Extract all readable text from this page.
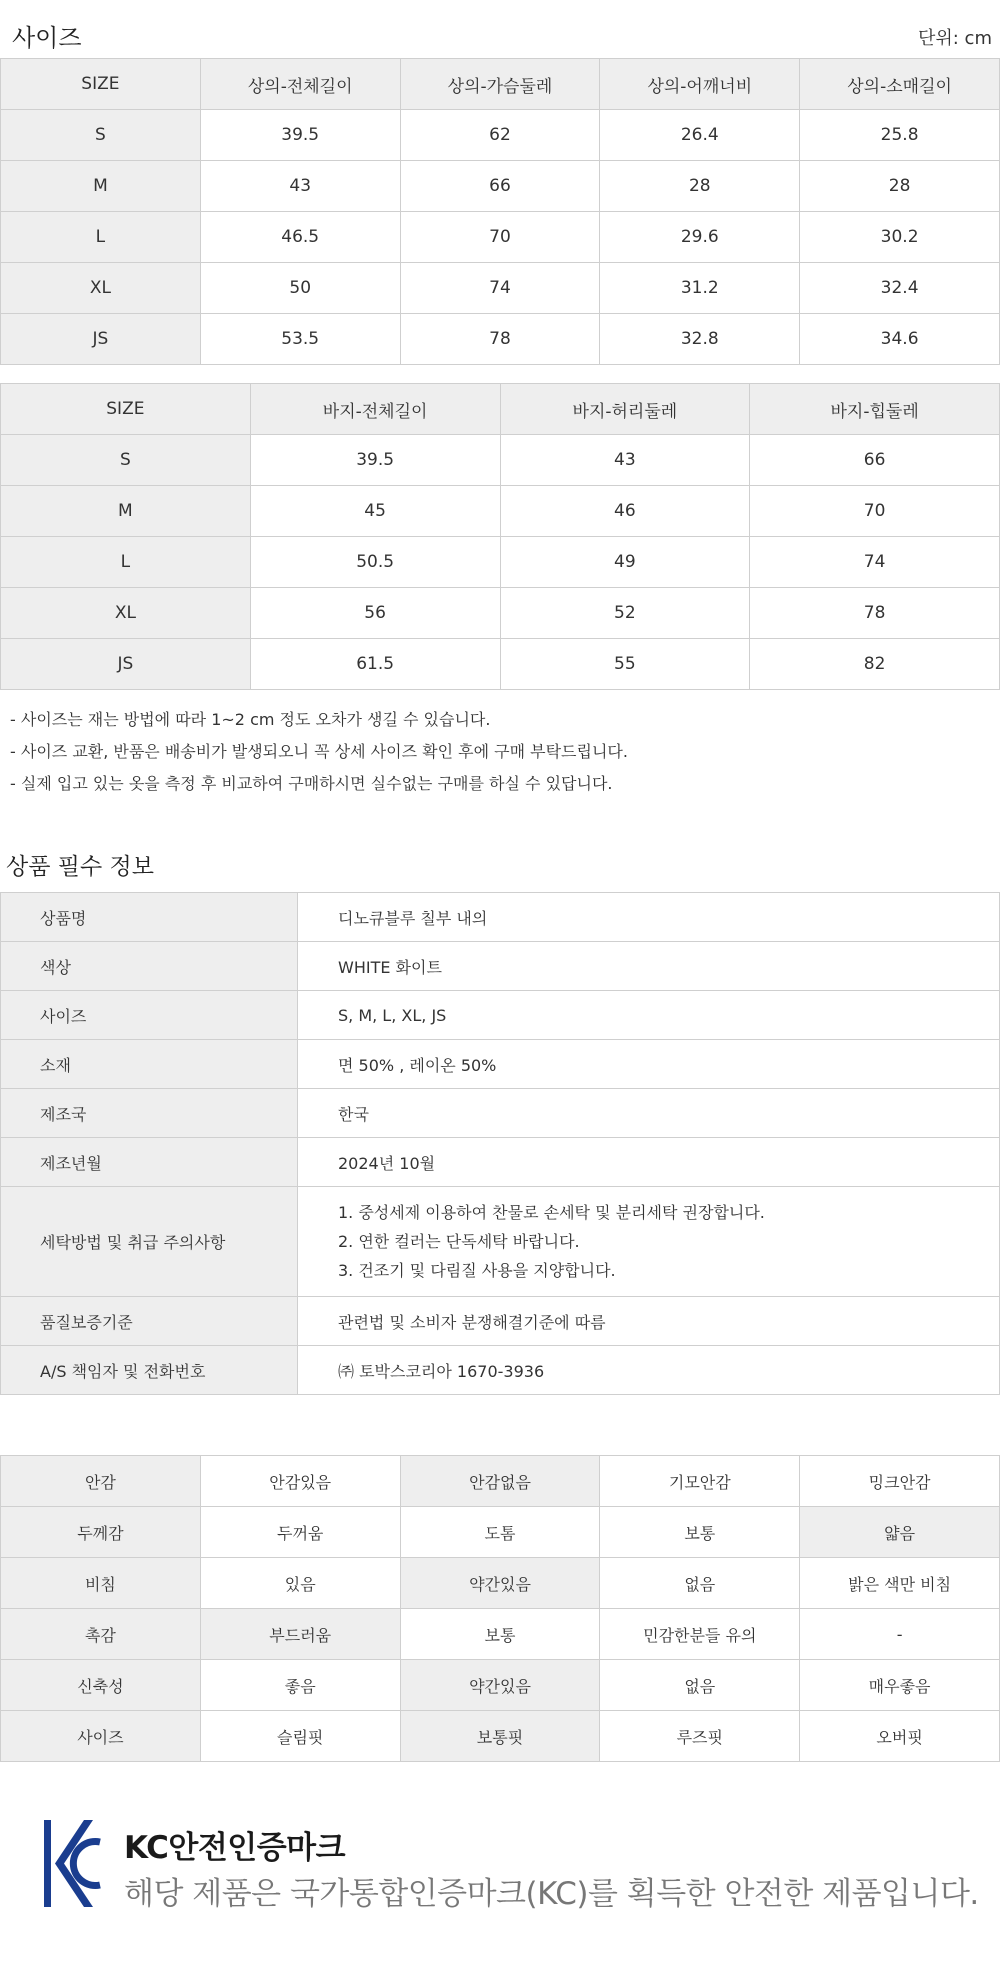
사이즈	단위: cm
SIZE	상의-전체길이	상의-가슴둘레	상의-어깨너비	상의-소매길이
S	39.5	62	26.4	25.8
M	43	66	28	28
L	46.5	70	29.6	30.2
XL	50	74	31.2	32.4
JS	53.5	78	32.8	34.6
SIZE	바지-전체길이	바지-허리둘레	바지-힙둘레
S	39.5	43	66
M	45	46	70
L	50.5	49	74
XL	56	52	78
JS	61.5	55	82
- 사이즈는 재는 방법에 따라 1~2 cm 정도 오차가 생길 수 있습니다.
- 사이즈 교환, 반품은 배송비가 발생되오니 꼭 상세 사이즈 확인 후에 구매 부탁드립니다.
- 실제 입고 있는 옷을 측정 후 비교하여 구매하시면 실수없는 구매를 하실 수 있답니다.
상품 필수 정보
상품명	디노큐블루 칠부 내의
색상	WHITE 화이트
사이즈	S, M, L, XL, JS
소재	면 50% , 레이온 50%
제조국	한국
제조년월	2024년 10월
세탁방법 및 취급 주의사항	1. 중성세제 이용하여 찬물로 손세탁 및 분리세탁 권장합니다.
2. 연한 컬러는 단독세탁 바랍니다.
3. 건조기 및 다림질 사용을 지양합니다.

품질보증기준	관련법 및 소비자 분쟁해결기준에 따름
A/S 책임자 및 전화번호	㈜ 토박스코리아 1670-3936
안감	안감있음	안감없음	기모안감	밍크안감
두께감	두꺼움	도톰	보통	얇음
비침	있음	약간있음	없음	밝은 색만 비침
촉감	부드러움	보통	민감한분들 유의	-
신축성	좋음	약간있음	없음	매우좋음
사이즈	슬림핏	보통핏	루즈핏	오버핏
KC안전인증마크
해당 제품은 국가통합인증마크(KC)를 획득한 안전한 제품입니다.
